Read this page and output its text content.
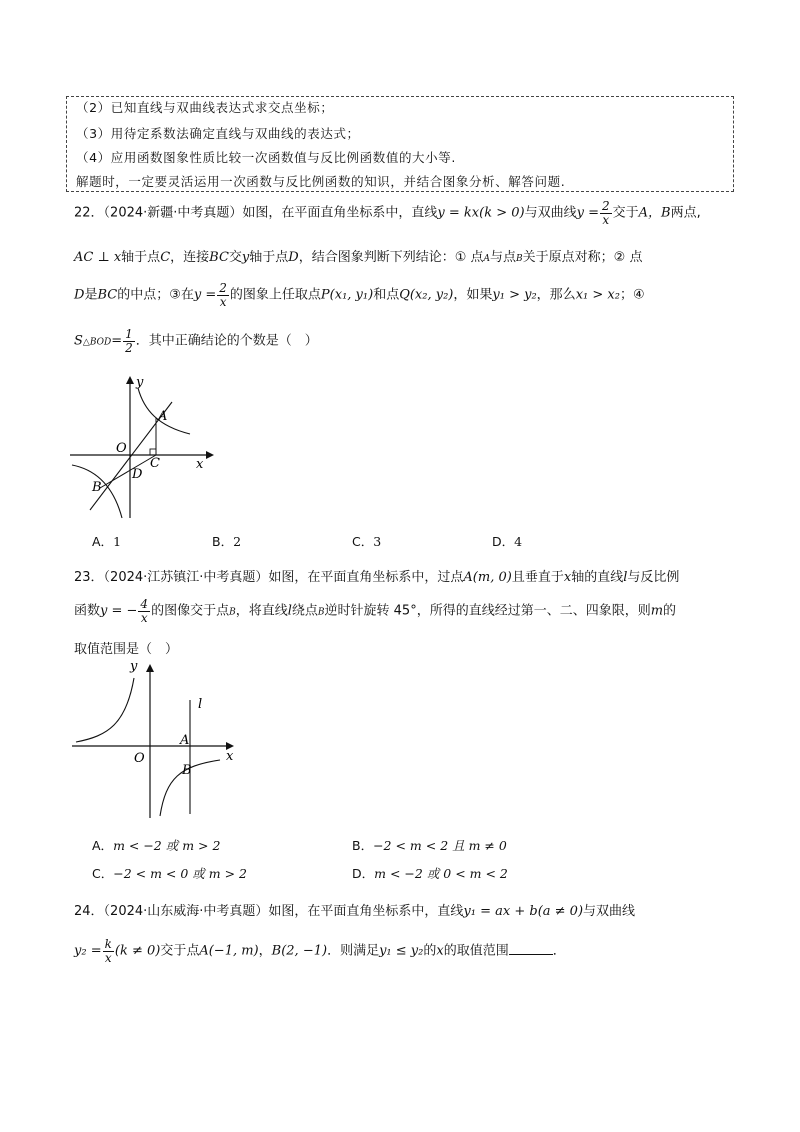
（2）已知直线与双曲线表达式求交点坐标；
（3）用待定系数法确定直线与双曲线的表达式；
（4）应用函数图象性质比较一次函数值与反比例函数值的大小等.
解题时，一定要灵活运用一次函数与反比例函数的知识，并结合图象分析、解答问题.
22．（2024·新疆·中考真题）如图，在平面直角坐标系中，直线y = kx(k > 0)与双曲线$y = \frac{2}{x}$ 交于A，B两点,
AC ⊥ x轴于点C，连接BC交y轴于点D，结合图象判断下列结论：① 点A与点B关于原点对称；② 点
D是BC的中点；③在$y = \frac{2}{x}$ 的图象上任取点P(x₁, y₁)和点Q(x₂, y₂)，如果y₁ > y₂，那么x₁ > x₂；④
S△BOD= $\frac{1}{2}$ ．其中正确结论的个数是（　）
y
x
O
A
C
D
B
A．1	B．2	C．3	D．4
23．（2024·江苏镇江·中考真题）如图，在平面直角坐标系中，过点A(m, 0)且垂直于x轴的直线l与反比例
函数y = − $\frac{4}{x}$ 的图像交于点B，将直线l绕点B逆时针旋转 45°，所得的直线经过第一、二、四象限，则m的
取值范围是（　）
y
x
O
A
B
l
A．m < −2 或 m > 2	B．−2 < m < 2 且 m ≠ 0
C．−2 < m < 0 或 m > 2	D．m < −2 或 0 < m < 2
24．（2024·山东威海·中考真题）如图，在平面直角坐标系中，直线y₁ = ax + b(a ≠ 0)与双曲线
$y_2 = \frac{k}{x} (k \ne 0)$交于点A(−1, m)，B(2, −1)．则满足y₁ ≤ y₂的x的取值范围	．
